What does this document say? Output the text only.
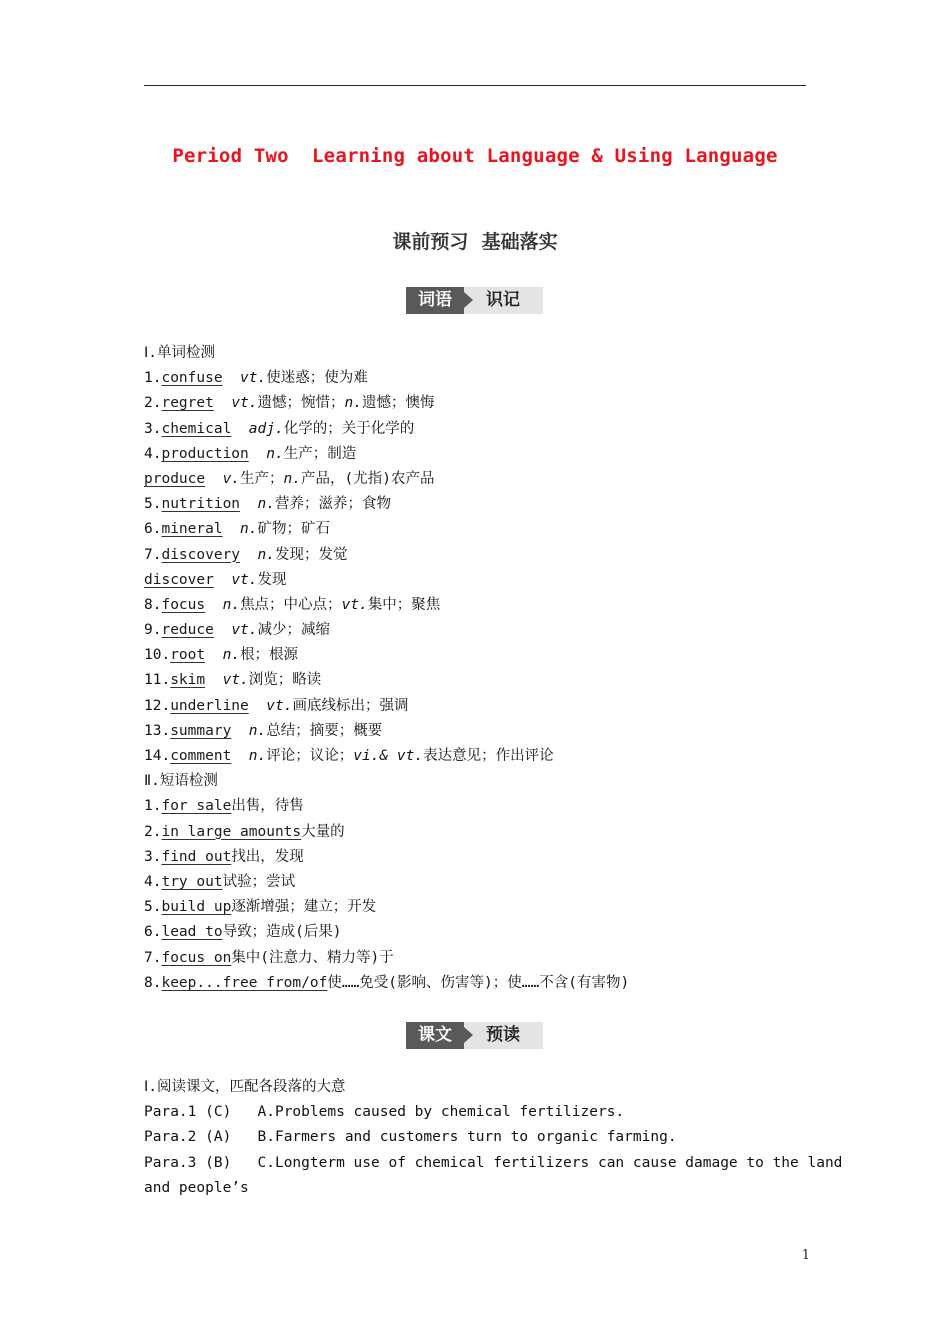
Period Two  Learning about Language & Using Language
课前预习  基础落实
词语	识记
Ⅰ.单词检测
1.confuse vt.使迷惑；使为难
2.regret vt.遗憾；惋惜；n.遗憾；懊悔
3.chemical adj.化学的；关于化学的
4.production n.生产；制造
produce v.生产；n.产品，(尤指)农产品
5.nutrition n.营养；滋养；食物
6.mineral n.矿物；矿石
7.discovery n.发现；发觉
discover vt.发现
8.focus n.焦点；中心点；vt.集中；聚焦
9.reduce vt.减少；减缩
10.root n.根；根源
11.skim vt.浏览；略读
12.underline vt.画底线标出；强调
13.summary n.总结；摘要；概要
14.comment n.评论；议论；vi.& vt.表达意见；作出评论
Ⅱ.短语检测
1.for sale出售，待售
2.in large amounts大量的
3.find out找出，发现
4.try out试验；尝试
5.build up逐渐增强；建立；开发
6.lead to导致；造成(后果)
7.focus on集中(注意力、精力等)于
8.keep...free from/of使……免受(影响、伤害等)；使……不含(有害物)
课文	预读
Ⅰ.阅读课文，匹配各段落的大意
Para.1 (C) A.Problems caused by chemical fertilizers.
Para.2 (A) B.Farmers and customers turn to organic farming.
Para.3 (B) C.Longterm use of chemical fertilizers can cause damage to the land
and people’s
1
